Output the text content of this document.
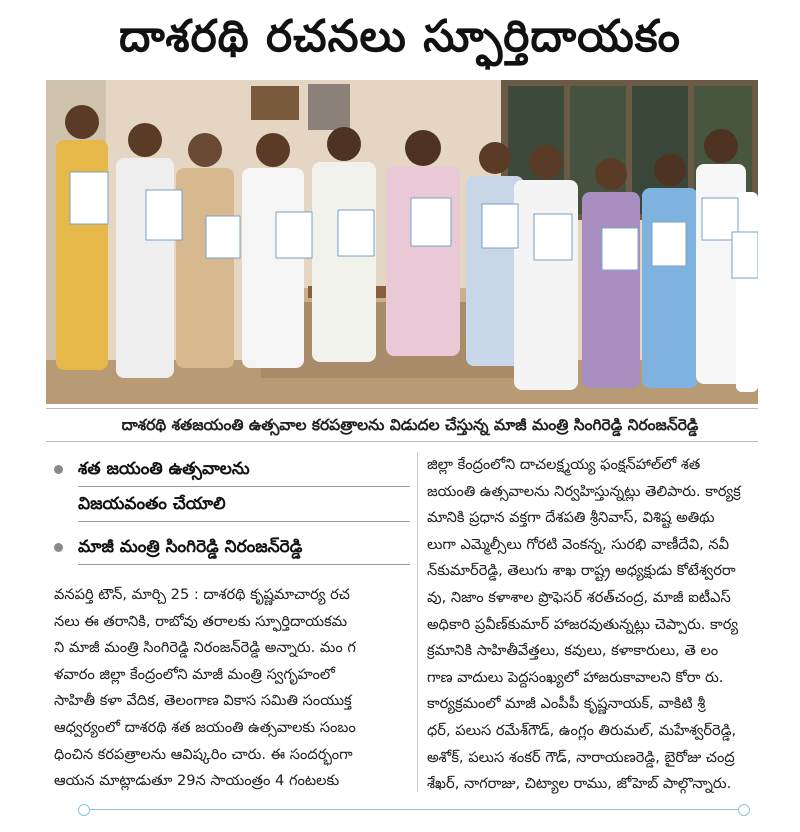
దాశరథి రచనలు స్ఫూర్తిదాయకం
దాశరథి శతజయంతి ఉత్సవాల కరపత్రాలను విడుదల చేస్తున్న మాజీ మంత్రి సింగిరెడ్డి నిరంజన్‌రెడ్డి
శత జయంతి ఉత్సవాలను
విజయవంతం చేయాలి
మాజీ మంత్రి సింగిరెడ్డి నిరంజన్‌రెడ్డి
వనపర్తి టౌన్, మార్చి 25 : దాశరథి కృష్ణమాచార్య రచ
నలు ఈ తరానికి, రాబోవు తరాలకు స్ఫూర్తిదాయకమ
ని మాజీ మంత్రి సింగిరెడ్డి నిరంజన్‌రెడ్డి అన్నారు. మం గ
ళవారం జిల్లా కేంద్రంలోని మాజీ మంత్రి స్వగృహంలో
సాహితీ కళా వేదిక, తెలంగాణ వికాస సమితి సంయుక్త
ఆధ్వర్యంలో దాశరథి శత జయంతి ఉత్సవాలకు సంబం
ధించిన కరపత్రాలను ఆవిష్కరిం చారు. ఈ సందర్భంగా
ఆయన మాట్లాడుతూ 29న సాయంత్రం 4 గంటలకు
జిల్లా కేంద్రంలోని దాచలక్ష్మయ్య ఫంక్షన్‌హాల్‌లో శత
జయంతి ఉత్సవాలను నిర్వహిస్తున్నట్లు తెలిపారు. కార్యక్ర
మానికి ప్రధాన వక్తగా దేశపతి శ్రీనివాస్, విశిష్ట అతిథు
లుగా ఎమ్మెల్సీలు గోరటి వెంకన్న, సురభి వాణీదేవి, నవీ
న్‌కుమార్‌రెడ్డి, తెలుగు శాఖ రాష్ట్ర అధ్యక్షుడు కోటేశ్వరరా
వు, నిజాం కళాశాల ప్రొఫెసర్ శరత్‌చంద్ర, మాజీ ఐటీఎస్
అధికారి ప్రవీణ్‌కుమార్ హాజరవుతున్నట్లు చెప్పారు. కార్య
క్రమానికి సాహితీవేత్తలు, కవులు, కళాకారులు, తె లం
గాణ వాదులు పెద్దసంఖ్యలో హాజరుకావాలని కోరా రు.
కార్యక్రమంలో మాజీ ఎంపీపీ కృష్ణనాయక్, వాకిటి శ్రీ
ధర్, పలుస రమేశ్‌గౌడ్, ఉంగ్లం తిరుమల్, మహేశ్వర్‌రెడ్డి,
అశోక్, పలుస శంకర్ గౌడ్, నారాయణరెడ్డి, బైరోజు చంద్ర
శేఖర్, నాగరాజు, చిట్యాల రాము, జోహెబ్ పాల్గొన్నారు.
